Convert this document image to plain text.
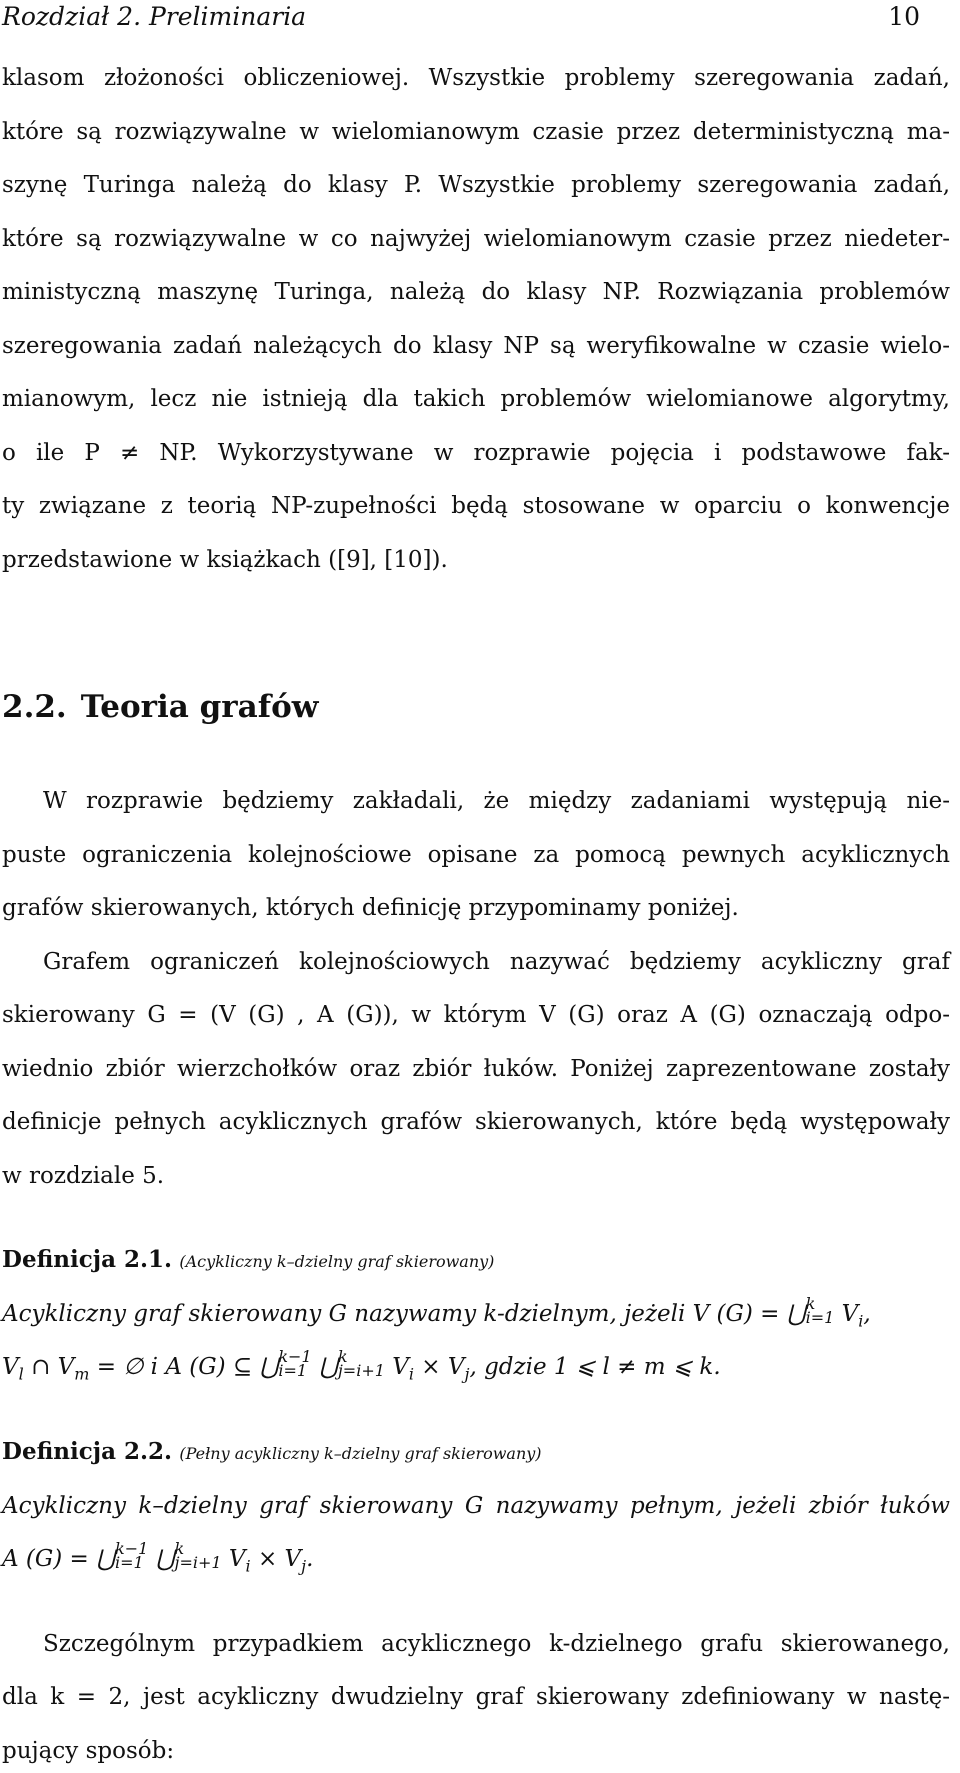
Rozdział 2. Preliminaria	10
klasom złożoności obliczeniowej. Wszystkie problemy szeregowania zadań,
które są rozwiązywalne w wielomianowym czasie przez deterministyczną ma-
szynę Turinga należą do klasy P. Wszystkie problemy szeregowania zadań,
które są rozwiązywalne w co najwyżej wielomianowym czasie przez niedeter-
ministyczną maszynę Turinga, należą do klasy NP. Rozwiązania problemów
szeregowania zadań należących do klasy NP są weryfikowalne w czasie wielo-
mianowym, lecz nie istnieją dla takich problemów wielomianowe algorytmy,
o ile P ≠ NP. Wykorzystywane w rozprawie pojęcia i podstawowe fak-
ty związane z teorią NP-zupełności będą stosowane w oparciu o konwencje
przedstawione w książkach ([9], [10]).
2.2. Teoria grafów
W rozprawie będziemy zakładali, że między zadaniami występują nie-
puste ograniczenia kolejnościowe opisane za pomocą pewnych acyklicznych
grafów skierowanych, których definicję przypominamy poniżej.
Grafem ograniczeń kolejnościowych nazywać będziemy acykliczny graf
skierowany G = (V (G) , A (G)), w którym V (G) oraz A (G) oznaczają odpo-
wiednio zbiór wierzchołków oraz zbiór łuków. Poniżej zaprezentowane zostały
definicje pełnych acyklicznych grafów skierowanych, które będą występowały
w rozdziale 5.
Definicja 2.1. (Acykliczny k–dzielny graf skierowany)
Acykliczny graf skierowany G nazywamy k-dzielnym, jeżeli V (G) = ⋃k
i=1 $V_i$,
$V_l$ ∩ $V_m$ = ∅ i A (G) ⊆ ⋃k−1
i=1 ⋃k
j=i+1 $V_i \times V_j$, gdzie 1 ⩽ l ≠ m ⩽ k.
Definicja 2.2. (Pełny acykliczny k–dzielny graf skierowany)
Acykliczny k–dzielny graf skierowany G nazywamy pełnym, jeżeli zbiór łuków
A (G) = ⋃k−1
i=1 ⋃k
j=i+1 $V_i \times V_j$.
Szczególnym przypadkiem acyklicznego k-dzielnego grafu skierowanego,
dla k = 2, jest acykliczny dwudzielny graf skierowany zdefiniowany w nastę-
pujący sposób:
